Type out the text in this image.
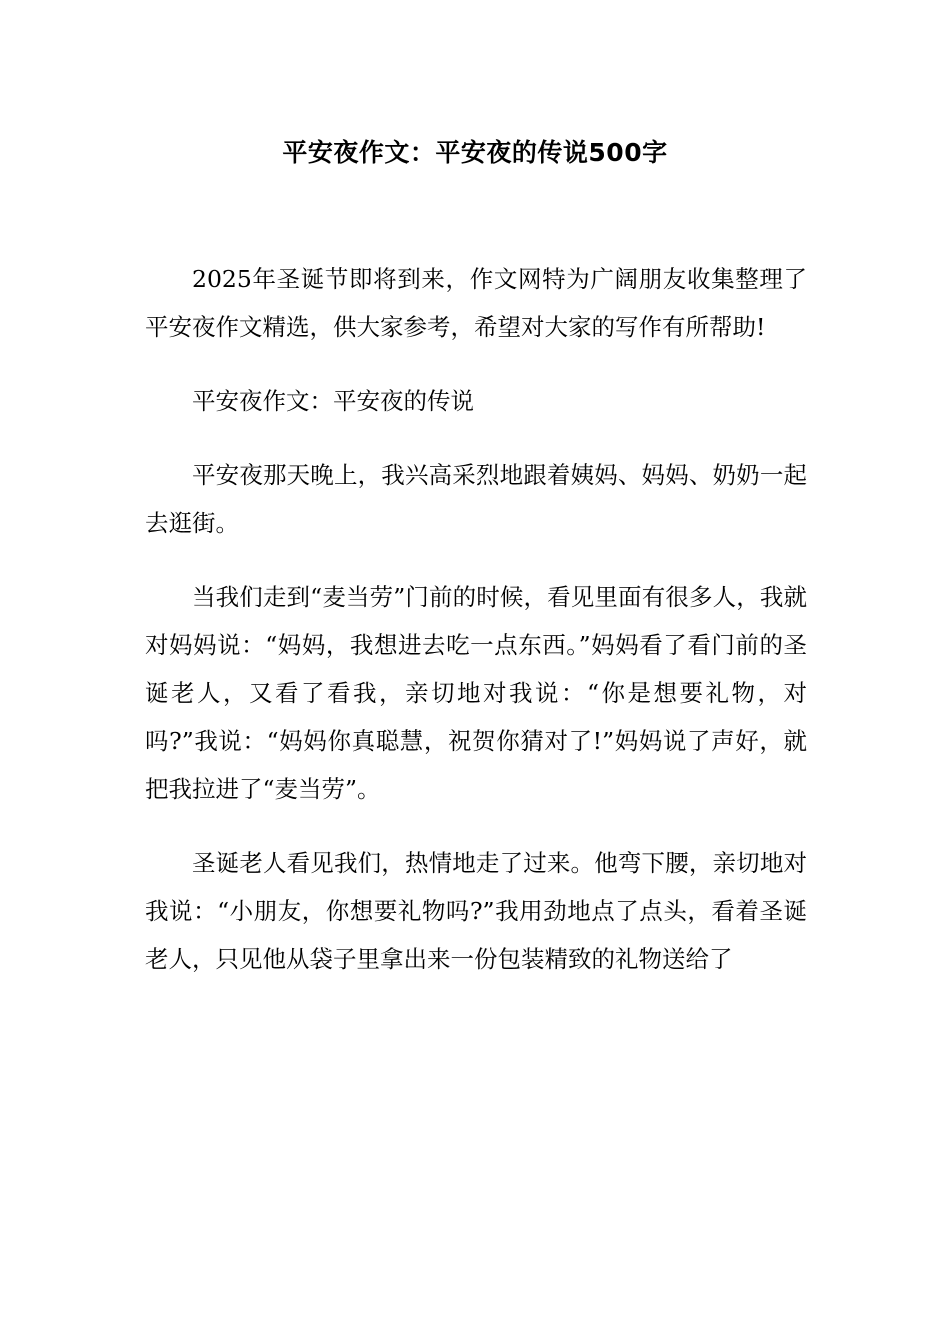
平安夜作文：平安夜的传说500字

2025年圣诞节即将到来，作文网特为广阔朋友收集整理了平安夜作文精选，供大家参考，希望对大家的写作有所帮助!

平安夜作文：平安夜的传说

平安夜那天晚上，我兴高采烈地跟着姨妈、妈妈、奶奶一起去逛街。

当我们走到“麦当劳”门前的时候，看见里面有很多人，我就对妈妈说：“妈妈，我想进去吃一点东西。”妈妈看了看门前的圣诞老人，又看了看我，亲切地对我说：“你是想要礼物，对吗?”我说：“妈妈你真聪慧，祝贺你猜对了!”妈妈说了声好，就把我拉进了“麦当劳”。

圣诞老人看见我们，热情地走了过来。他弯下腰，亲切地对我说：“小朋友，你想要礼物吗?”我用劲地点了点头，看着圣诞老人，只见他从袋子里拿出来一份包装精致的礼物送给了
